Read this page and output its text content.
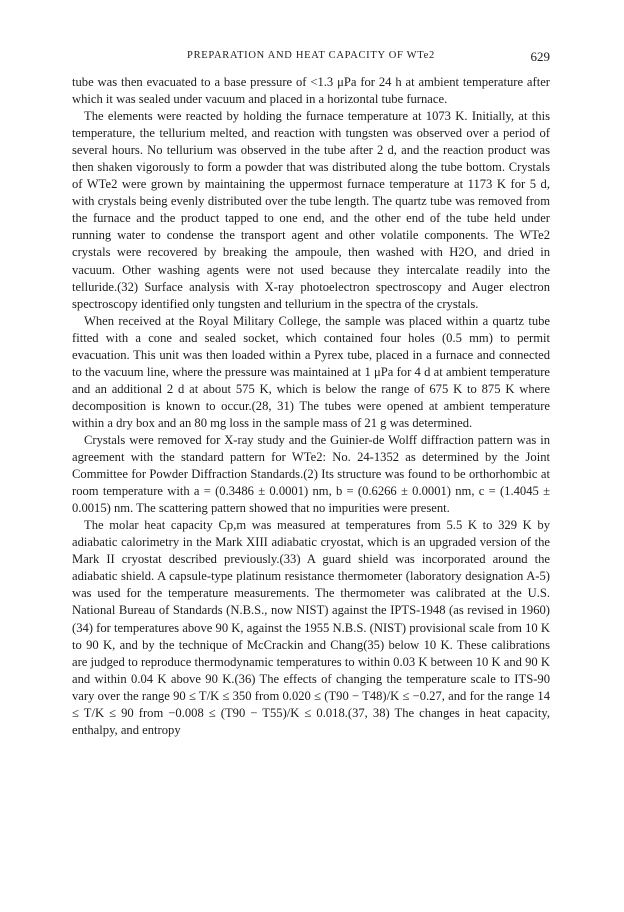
PREPARATION AND HEAT CAPACITY OF WTe2	629

tube was then evacuated to a base pressure of <1.3 μPa for 24 h at ambient temperature after which it was sealed under vacuum and placed in a horizontal tube furnace.

The elements were reacted by holding the furnace temperature at 1073 K. Initially, at this temperature, the tellurium melted, and reaction with tungsten was observed over a period of several hours. No tellurium was observed in the tube after 2 d, and the reaction product was then shaken vigorously to form a powder that was distributed along the tube bottom. Crystals of WTe2 were grown by maintaining the uppermost furnace temperature at 1173 K for 5 d, with crystals being evenly distributed over the tube length. The quartz tube was removed from the furnace and the product tapped to one end, and the other end of the tube held under running water to condense the transport agent and other volatile components. The WTe2 crystals were recovered by breaking the ampoule, then washed with H2O, and dried in vacuum. Other washing agents were not used because they intercalate readily into the telluride.(32) Surface analysis with X-ray photoelectron spectroscopy and Auger electron spectroscopy identified only tungsten and tellurium in the spectra of the crystals.

When received at the Royal Military College, the sample was placed within a quartz tube fitted with a cone and sealed socket, which contained four holes (0.5 mm) to permit evacuation. This unit was then loaded within a Pyrex tube, placed in a furnace and connected to the vacuum line, where the pressure was maintained at 1 μPa for 4 d at ambient temperature and an additional 2 d at about 575 K, which is below the range of 675 K to 875 K where decomposition is known to occur.(28, 31) The tubes were opened at ambient temperature within a dry box and an 80 mg loss in the sample mass of 21 g was determined.

Crystals were removed for X-ray study and the Guinier-de Wolff diffraction pattern was in agreement with the standard pattern for WTe2: No. 24-1352 as determined by the Joint Committee for Powder Diffraction Standards.(2) Its structure was found to be orthorhombic at room temperature with a = (0.3486 ± 0.0001) nm, b = (0.6266 ± 0.0001) nm, c = (1.4045 ± 0.0015) nm. The scattering pattern showed that no impurities were present.

The molar heat capacity Cp,m was measured at temperatures from 5.5 K to 329 K by adiabatic calorimetry in the Mark XIII adiabatic cryostat, which is an upgraded version of the Mark II cryostat described previously.(33) A guard shield was incorporated around the adiabatic shield. A capsule-type platinum resistance thermometer (laboratory designation A-5) was used for the temperature measurements. The thermometer was calibrated at the U.S. National Bureau of Standards (N.B.S., now NIST) against the IPTS-1948 (as revised in 1960)(34) for temperatures above 90 K, against the 1955 N.B.S. (NIST) provisional scale from 10 K to 90 K, and by the technique of McCrackin and Chang(35) below 10 K. These calibrations are judged to reproduce thermodynamic temperatures to within 0.03 K between 10 K and 90 K and within 0.04 K above 90 K.(36) The effects of changing the temperature scale to ITS-90 vary over the range 90 ≤ T/K ≤ 350 from 0.020 ≤ (T90 − T48)/K ≤ −0.27, and for the range 14 ≤ T/K ≤ 90 from −0.008 ≤ (T90 − T55)/K ≤ 0.018.(37, 38) The changes in heat capacity, enthalpy, and entropy
